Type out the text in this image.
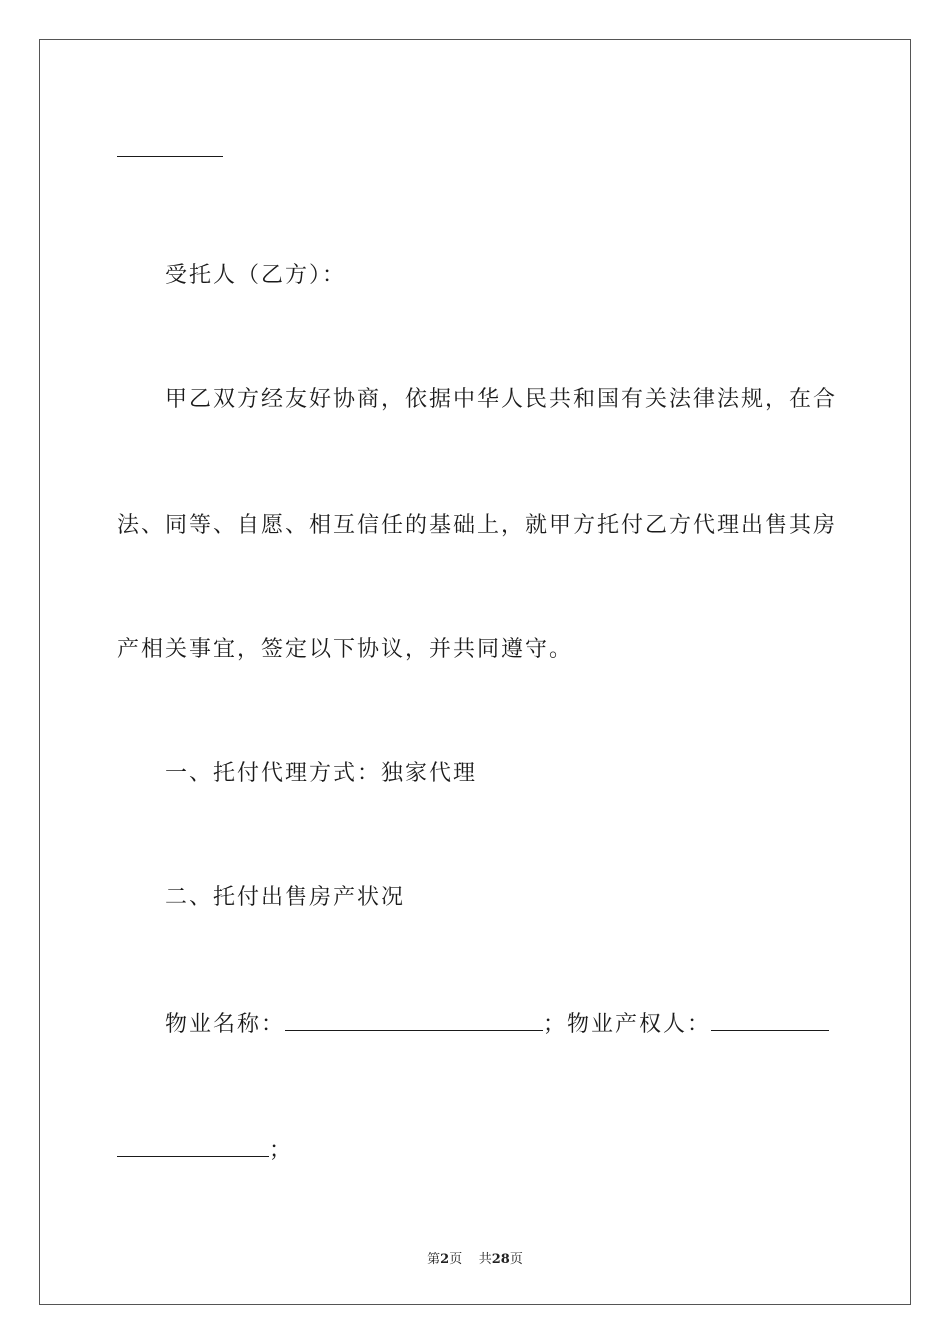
受托人（乙方）：
甲乙双方经友好协商，依据中华人民共和国有关法律法规，在合
法、同等、自愿、相互信任的基础上，就甲方托付乙方代理出售其房
产相关事宜，签定以下协议，并共同遵守。
一、托付代理方式：独家代理
二、托付出售房产状况
物业名称：	；物业产权人：
；
第2页 共28页
